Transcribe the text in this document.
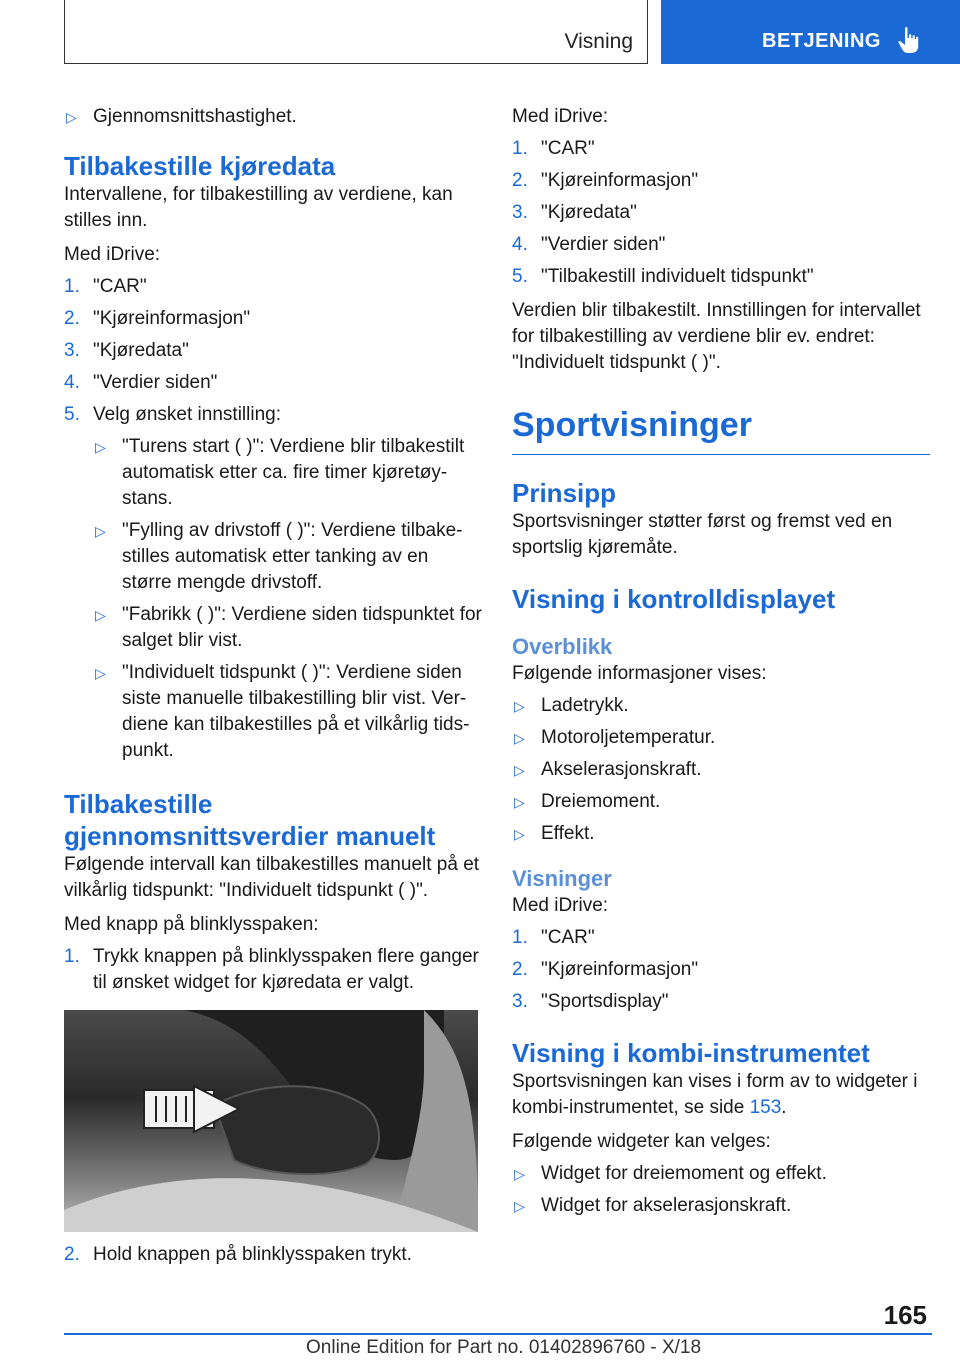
Visning	BETJENING
▷ Gjennomsnittshastighet.
Tilbakestille kjøredata

Intervallene, for tilbakestilling av verdiene, kan stilles inn.

Med iDrive:

1. "CAR"
2. "Kjøreinformasjon"
3. "Kjøredata"
4. "Verdier siden"
5. Velg ønsket innstilling:
▷ "Turens start ( )": Verdiene blir tilbakestilt automatisk etter ca. fire timer kjøretøystans.
▷ "Fylling av drivstoff ( )": Verdiene tilbakestilles automatisk etter tanking av en større mengde drivstoff.
▷ "Fabrikk ( )": Verdiene siden tidspunktet for salget blir vist.
▷ "Individuelt tidspunkt ( )": Verdiene siden siste manuelle tilbakestilling blir vist. Verdiene kan tilbakestilles på et vilkårlig tidspunkt.
Tilbakestille gjennomsnittsverdier manuelt

Følgende intervall kan tilbakestilles manuelt på et vilkårlig tidspunkt: "Individuelt tidspunkt ( )".

Med knapp på blinklysspaken:

1. Trykk knappen på blinklysspaken flere ganger til ønsket widget for kjøredata er valgt.
2. Hold knappen på blinklysspaken trykt.

Med iDrive:

1. "CAR"
2. "Kjøreinformasjon"
3. "Kjøredata"
4. "Verdier siden"
5. "Tilbakestill individuelt tidspunkt"

Verdien blir tilbakestilt. Innstillingen for intervallet for tilbakestilling av verdiene blir ev. endret: "Individuelt tidspunkt ( )".

Sportvisninger
Prinsipp

Sportsvisninger støtter først og fremst ved en sportslig kjøremåte.

Visning i kontrolldisplayet
Overblikk

Følgende informasjoner vises:

▷ Ladetrykk.
▷ Motoroljetemperatur.
▷ Akselerasjonskraft.
▷ Dreiemoment.
▷ Effekt.
Visninger

Med iDrive:

1. "CAR"
2. "Kjøreinformasjon"
3. "Sportsdisplay"
Visning i kombi-instrumentet

Sportsvisningen kan vises i form av to widgeter i kombi-instrumentet, se side 153.

Følgende widgeter kan velges:

▷ Widget for dreiemoment og effekt.
▷ Widget for akselerasjonskraft.
165
Online Edition for Part no. 01402896760 - X/18
